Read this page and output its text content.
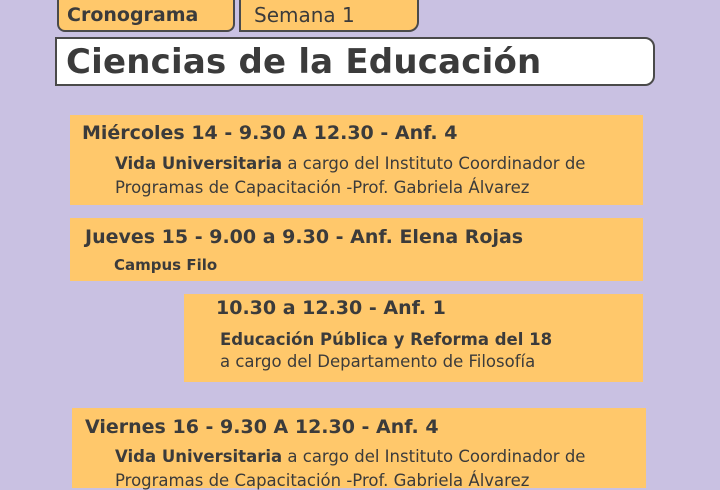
Cronograma	Semana 1
Ciencias de la Educación
Miércoles 14 - 9.30 A 12.30 - Anf. 4
Vida Universitaria a cargo del Instituto Coordinador de
Programas de Capacitación -Prof. Gabriela Álvarez
Jueves 15 - 9.00 a 9.30 - Anf. Elena Rojas
Campus Filo
10.30 a 12.30 - Anf. 1
Educación Pública y Reforma del 18
a cargo del Departamento de Filosofía
Viernes 16 - 9.30 A 12.30 - Anf. 4
Vida Universitaria a cargo del Instituto Coordinador de
Programas de Capacitación -Prof. Gabriela Álvarez
